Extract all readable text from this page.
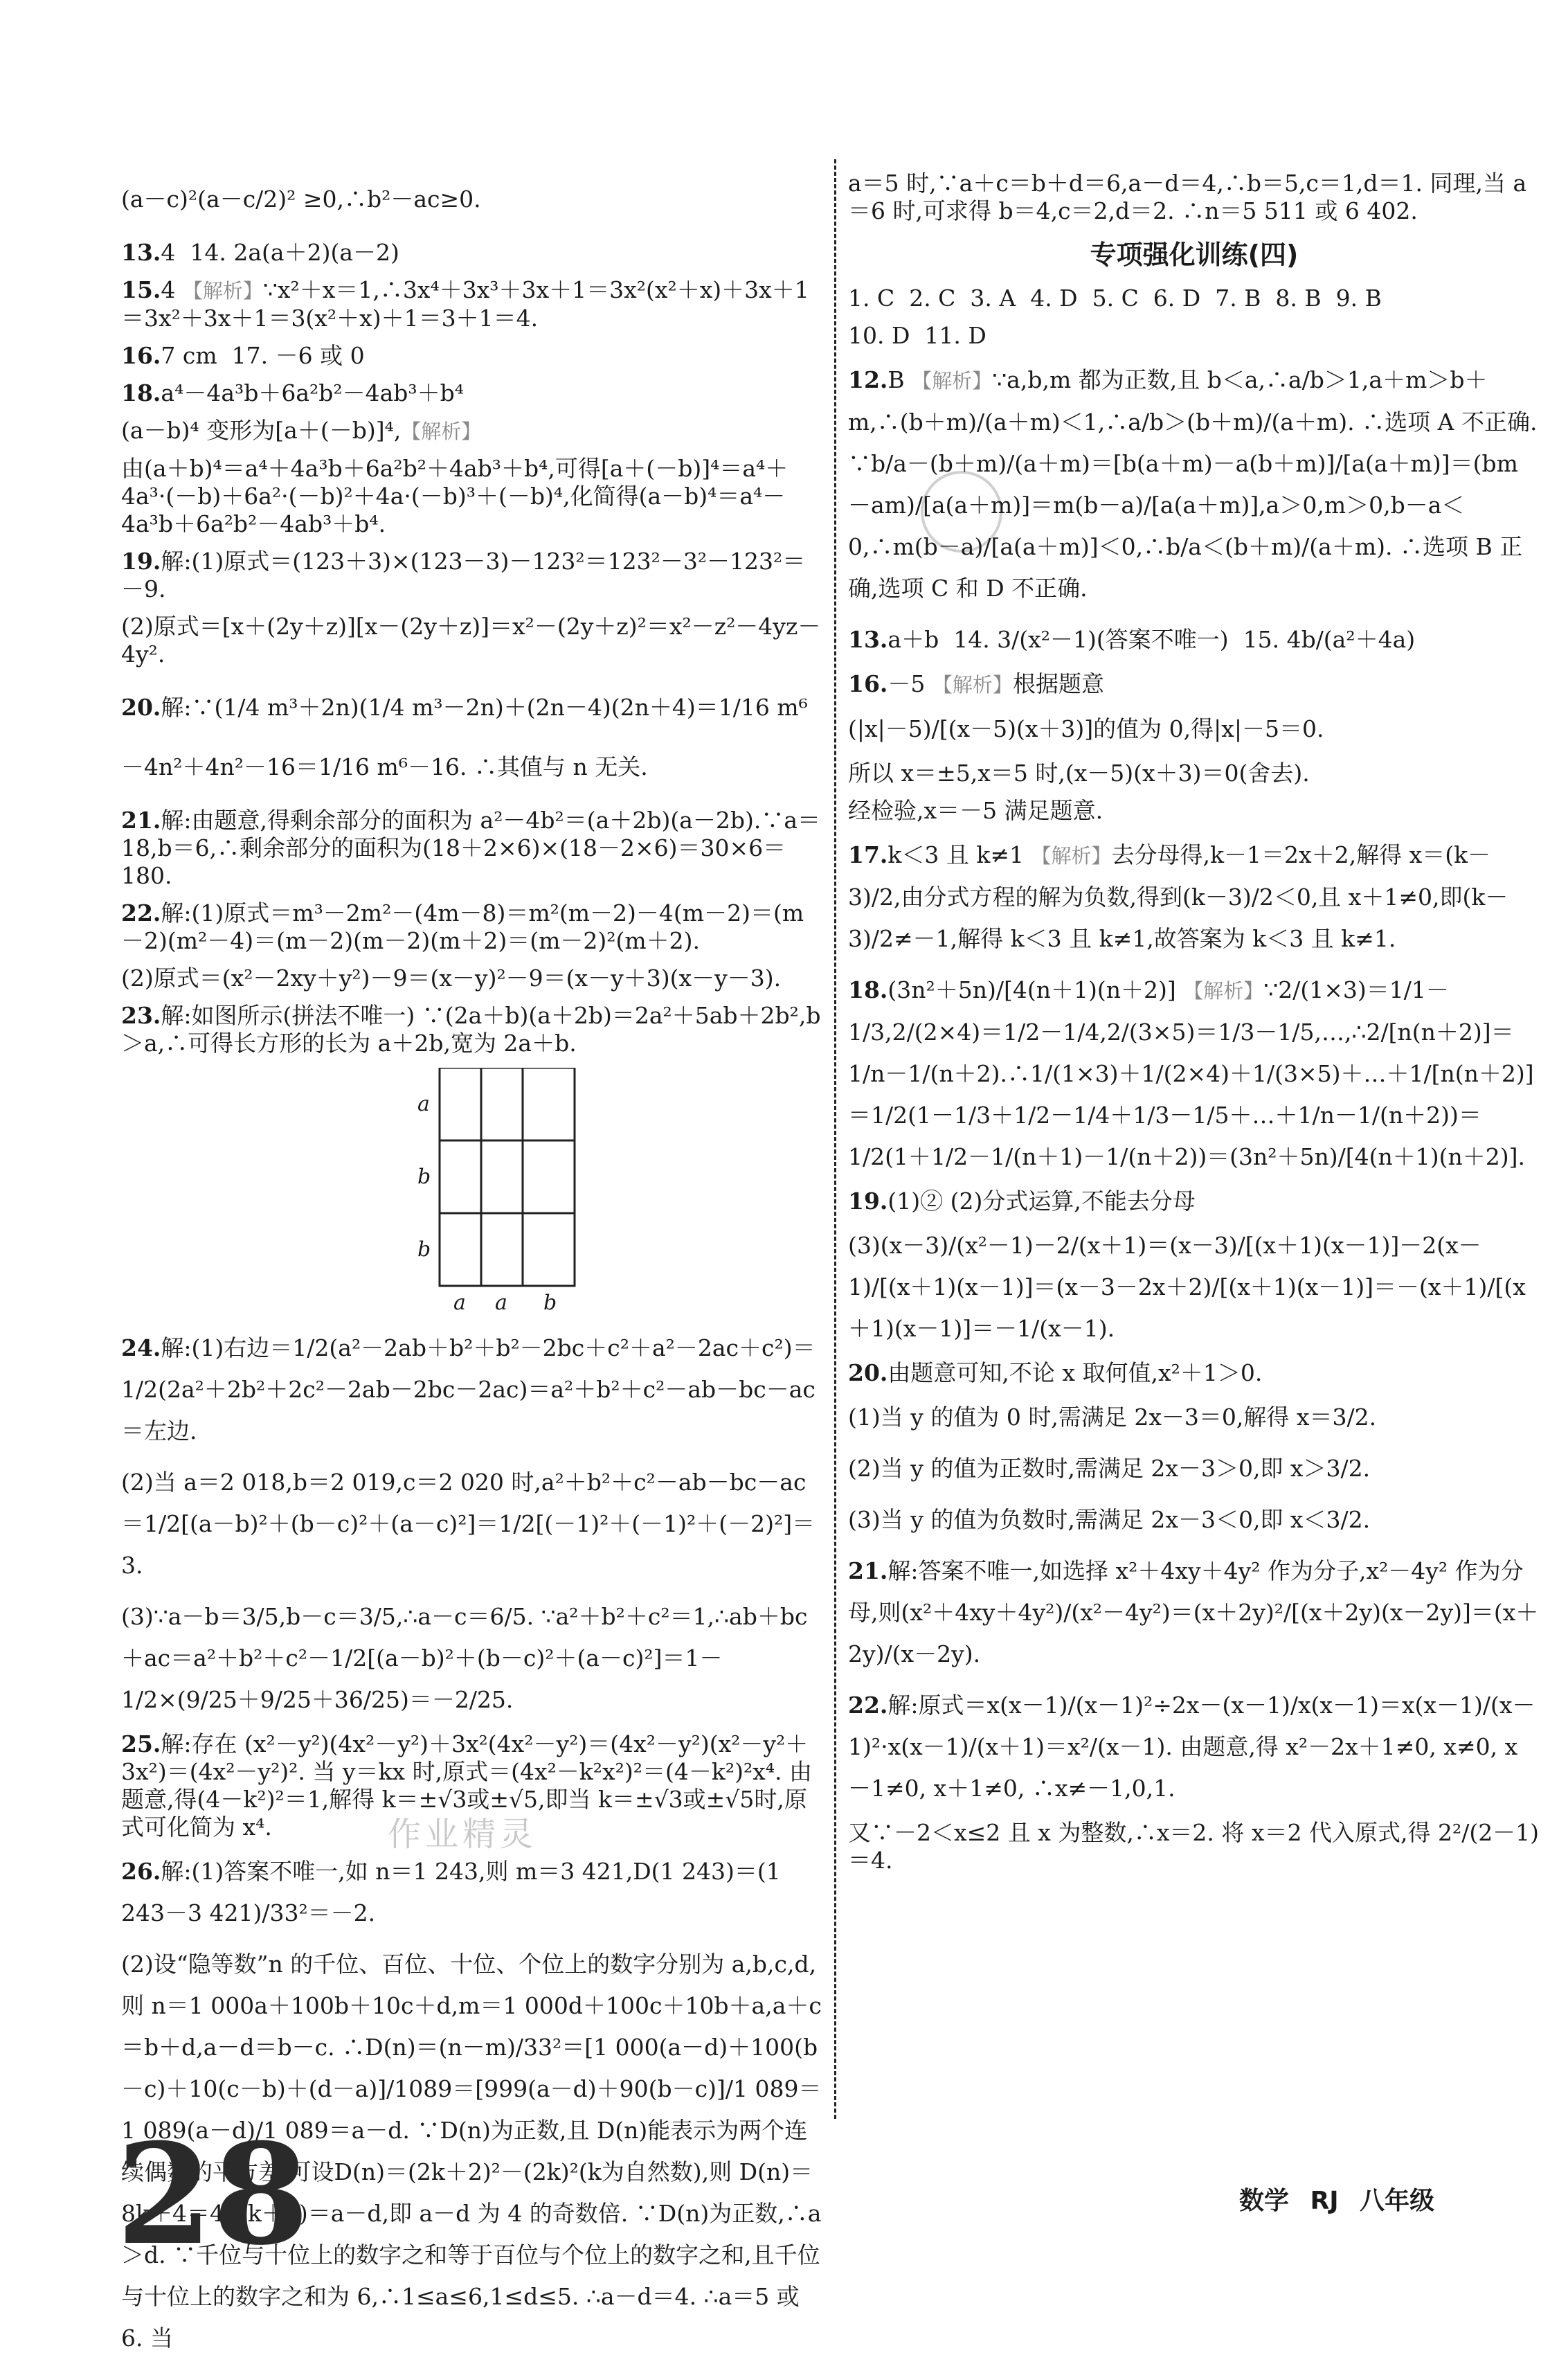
作业精灵

(a－c)²(a－c/2)² ≥0,∴b²－ac≥0.

13.4  14. 2a(a＋2)(a－2)

15.4 【解析】∵x²＋x＝1,∴3x⁴＋3x³＋3x＋1＝3x²(x²＋x)＋3x＋1＝3x²＋3x＋1＝3(x²＋x)＋1＝3＋1＝4.

16.7 cm  17. －6 或 0

18.a⁴－4a³b＋6a²b²－4ab³＋b⁴

(a－b)⁴ 变形为[a＋(－b)]⁴,【解析】

由(a＋b)⁴＝a⁴＋4a³b＋6a²b²＋4ab³＋b⁴,可得[a＋(－b)]⁴＝a⁴＋4a³·(－b)＋6a²·(－b)²＋4a·(－b)³＋(－b)⁴,化简得(a－b)⁴＝a⁴－4a³b＋6a²b²－4ab³＋b⁴.

19.解:(1)原式＝(123＋3)×(123－3)－123²＝123²－3²－123²＝－9.

(2)原式＝[x＋(2y＋z)][x－(2y＋z)]＝x²－(2y＋z)²＝x²－z²－4yz－4y².

20.解:∵(1/4 m³＋2n)(1/4 m³－2n)＋(2n－4)(2n＋4)＝1/16 m⁶－4n²＋4n²－16＝1/16 m⁶－16. ∴其值与 n 无关.

21.解:由题意,得剩余部分的面积为 a²－4b²＝(a＋2b)(a－2b).∵a＝18,b＝6,∴剩余部分的面积为(18＋2×6)×(18－2×6)＝30×6＝180.

22.解:(1)原式＝m³－2m²－(4m－8)＝m²(m－2)－4(m－2)＝(m－2)(m²－4)＝(m－2)(m－2)(m＋2)＝(m－2)²(m＋2).

(2)原式＝(x²－2xy＋y²)－9＝(x－y)²－9＝(x－y＋3)(x－y－3).

23.解:如图所示(拼法不唯一) ∵(2a＋b)(a＋2b)＝2a²＋5ab＋2b²,b＞a,∴可得长方形的长为 a＋2b,宽为 2a＋b.

a
b
b
a a b

24.解:(1)右边＝1/2(a²－2ab＋b²＋b²－2bc＋c²＋a²－2ac＋c²)＝1/2(2a²＋2b²＋2c²－2ab－2bc－2ac)＝a²＋b²＋c²－ab－bc－ac＝左边.

(2)当 a＝2 018,b＝2 019,c＝2 020 时,a²＋b²＋c²－ab－bc－ac＝1/2[(a－b)²＋(b－c)²＋(a－c)²]＝1/2[(－1)²＋(－1)²＋(－2)²]＝3.

(3)∵a－b＝3/5,b－c＝3/5,∴a－c＝6/5. ∵a²＋b²＋c²＝1,∴ab＋bc＋ac＝a²＋b²＋c²－1/2[(a－b)²＋(b－c)²＋(a－c)²]＝1－1/2×(9/25＋9/25＋36/25)＝－2/25.

25.解:存在 (x²－y²)(4x²－y²)＋3x²(4x²－y²)＝(4x²－y²)(x²－y²＋3x²)＝(4x²－y²)². 当 y＝kx 时,原式＝(4x²－k²x²)²＝(4－k²)²x⁴. 由题意,得(4－k²)²＝1,解得 k＝±√3或±√5,即当 k＝±√3或±√5时,原式可化简为 x⁴.

26.解:(1)答案不唯一,如 n＝1 243,则 m＝3 421,D(1 243)＝(1 243－3 421)/33²＝－2.

(2)设“隐等数”n 的千位、百位、十位、个位上的数字分别为 a,b,c,d,则 n＝1 000a＋100b＋10c＋d,m＝1 000d＋100c＋10b＋a,a＋c＝b＋d,a－d＝b－c. ∴D(n)＝(n－m)/33²＝[1 000(a－d)＋100(b－c)＋10(c－b)＋(d－a)]/1089＝[999(a－d)＋90(b－c)]/1 089＝1 089(a－d)/1 089＝a－d. ∵D(n)为正数,且 D(n)能表示为两个连续偶数的平方差,可设D(n)＝(2k＋2)²－(2k)²(k为自然数),则 D(n)＝8k＋4＝4(2k＋1)＝a－d,即 a－d 为 4 的奇数倍. ∵D(n)为正数,∴a＞d. ∵千位与十位上的数字之和等于百位与个位上的数字之和,且千位与十位上的数字之和为 6,∴1≤a≤6,1≤d≤5. ∴a－d＝4. ∴a＝5 或 6. 当

a＝5 时,∵a＋c＝b＋d＝6,a－d＝4,∴b＝5,c＝1,d＝1. 同理,当 a＝6 时,可求得 b＝4,c＝2,d＝2. ∴n＝5 511 或 6 402.

专项强化训练(四)

1. C  2. C  3. A  4. D  5. C  6. D  7. B  8. B  9. B

10. D  11. D

12.B 【解析】∵a,b,m 都为正数,且 b＜a,∴a/b＞1,a＋m＞b＋m,∴(b＋m)/(a＋m)＜1,∴a/b＞(b＋m)/(a＋m). ∴选项 A 不正确. ∵b/a－(b＋m)/(a＋m)＝[b(a＋m)－a(b＋m)]/[a(a＋m)]＝(bm－am)/[a(a＋m)]＝m(b－a)/[a(a＋m)],a＞0,m＞0,b－a＜0,∴m(b－a)/[a(a＋m)]＜0,∴b/a＜(b＋m)/(a＋m). ∴选项 B 正确,选项 C 和 D 不正确.

13.a＋b  14. 3/(x²－1)(答案不唯一)  15. 4b/(a²＋4a)

16.－5 【解析】根据题意

(|x|－5)/[(x－5)(x＋3)]的值为 0,得|x|－5＝0.

所以 x＝±5,x＝5 时,(x－5)(x＋3)＝0(舍去).

经检验,x＝－5 满足题意.

17.k＜3 且 k≠1 【解析】去分母得,k－1＝2x＋2,解得 x＝(k－3)/2,由分式方程的解为负数,得到(k－3)/2＜0,且 x＋1≠0,即(k－3)/2≠－1,解得 k＜3 且 k≠1,故答案为 k＜3 且 k≠1.

18.(3n²＋5n)/[4(n＋1)(n＋2)] 【解析】∵2/(1×3)＝1/1－1/3,2/(2×4)＝1/2－1/4,2/(3×5)＝1/3－1/5,…,∴2/[n(n＋2)]＝1/n－1/(n＋2).∴1/(1×3)＋1/(2×4)＋1/(3×5)＋…＋1/[n(n＋2)]＝1/2(1－1/3＋1/2－1/4＋1/3－1/5＋…＋1/n－1/(n＋2))＝1/2(1＋1/2－1/(n＋1)－1/(n＋2))＝(3n²＋5n)/[4(n＋1)(n＋2)].

19.(1)② (2)分式运算,不能去分母

(3)(x－3)/(x²－1)－2/(x＋1)＝(x－3)/[(x＋1)(x－1)]－2(x－1)/[(x＋1)(x－1)]＝(x－3－2x＋2)/[(x＋1)(x－1)]＝－(x＋1)/[(x＋1)(x－1)]＝－1/(x－1).

20.由题意可知,不论 x 取何值,x²＋1＞0.

(1)当 y 的值为 0 时,需满足 2x－3＝0,解得 x＝3/2.

(2)当 y 的值为正数时,需满足 2x－3＞0,即 x＞3/2.

(3)当 y 的值为负数时,需满足 2x－3＜0,即 x＜3/2.

21.解:答案不唯一,如选择 x²＋4xy＋4y² 作为分子,x²－4y² 作为分母,则(x²＋4xy＋4y²)/(x²－4y²)＝(x＋2y)²/[(x＋2y)(x－2y)]＝(x＋2y)/(x－2y).

22.解:原式＝x(x－1)/(x－1)²÷2x－(x－1)/x(x－1)＝x(x－1)/(x－1)²·x(x－1)/(x＋1)＝x²/(x－1). 由题意,得 x²－2x＋1≠0, x≠0, x－1≠0, x＋1≠0, ∴x≠－1,0,1.

又∵－2＜x≤2 且 x 为整数,∴x＝2. 将 x＝2 代入原式,得 2²/(2－1)＝4.

28	数学 RJ 八年级
